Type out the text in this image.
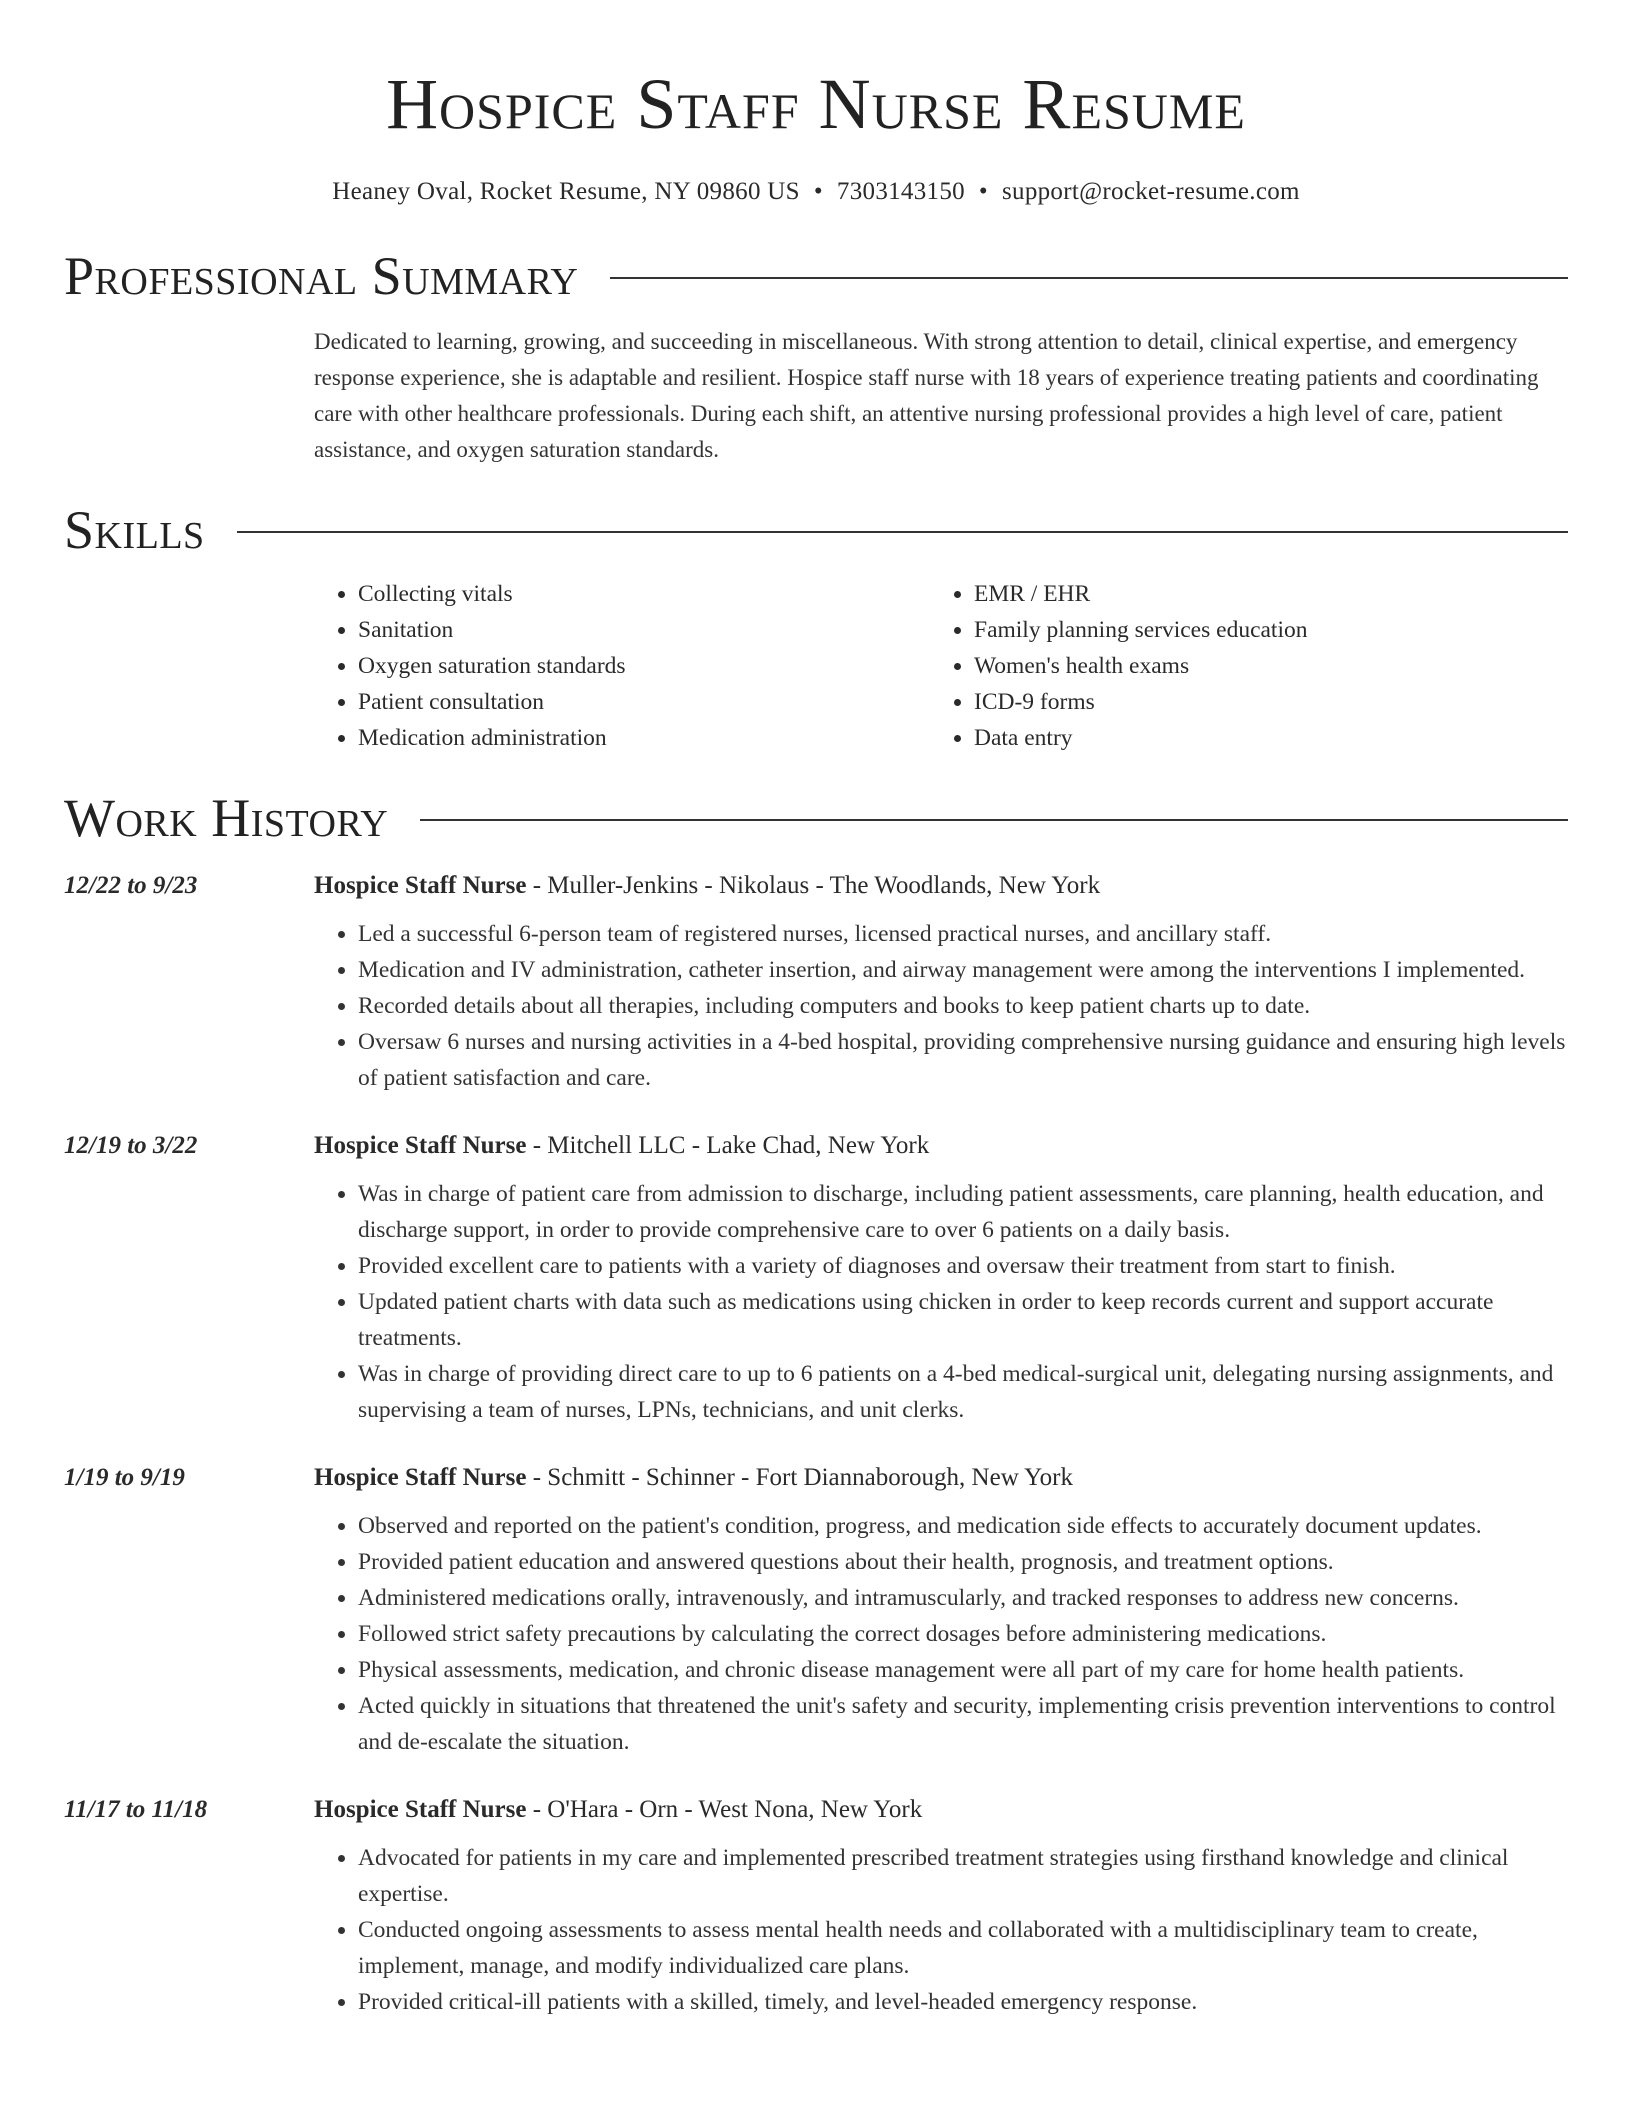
Hospice Staff Nurse Resume
Heaney Oval, Rocket Resume, NY 09860 US • 7303143150 • support@rocket-resume.com
Professional Summary

Dedicated to learning, growing, and succeeding in miscellaneous. With strong attention to detail, clinical expertise, and emergency response experience, she is adaptable and resilient. Hospice staff nurse with 18 years of experience treating patients and coordinating care with other healthcare professionals. During each shift, an attentive nursing professional provides a high level of care, patient assistance, and oxygen saturation standards.

Skills
• Collecting vitals
• Sanitation
• Oxygen saturation standards
• Patient consultation
• Medication administration
• EMR / EHR
• Family planning services education
• Women's health exams
• ICD-9 forms
• Data entry
Work History
12/22 to 9/23	Hospice Staff Nurse - Muller-Jenkins - Nikolaus - The Woodlands, New York
• Led a successful 6-person team of registered nurses, licensed practical nurses, and ancillary staff.
• Medication and IV administration, catheter insertion, and airway management were among the interventions I implemented.
• Recorded details about all therapies, including computers and books to keep patient charts up to date.
• Oversaw 6 nurses and nursing activities in a 4-bed hospital, providing comprehensive nursing guidance and ensuring high levels of patient satisfaction and care.
12/19 to 3/22	Hospice Staff Nurse - Mitchell LLC - Lake Chad, New York
• Was in charge of patient care from admission to discharge, including patient assessments, care planning, health education, and discharge support, in order to provide comprehensive care to over 6 patients on a daily basis.
• Provided excellent care to patients with a variety of diagnoses and oversaw their treatment from start to finish.
• Updated patient charts with data such as medications using chicken in order to keep records current and support accurate treatments.
• Was in charge of providing direct care to up to 6 patients on a 4-bed medical-surgical unit, delegating nursing assignments, and supervising a team of nurses, LPNs, technicians, and unit clerks.
1/19 to 9/19	Hospice Staff Nurse - Schmitt - Schinner - Fort Diannaborough, New York
• Observed and reported on the patient's condition, progress, and medication side effects to accurately document updates.
• Provided patient education and answered questions about their health, prognosis, and treatment options.
• Administered medications orally, intravenously, and intramuscularly, and tracked responses to address new concerns.
• Followed strict safety precautions by calculating the correct dosages before administering medications.
• Physical assessments, medication, and chronic disease management were all part of my care for home health patients.
• Acted quickly in situations that threatened the unit's safety and security, implementing crisis prevention interventions to control and de-escalate the situation.
11/17 to 11/18	Hospice Staff Nurse - O'Hara - Orn - West Nona, New York
• Advocated for patients in my care and implemented prescribed treatment strategies using firsthand knowledge and clinical expertise.
• Conducted ongoing assessments to assess mental health needs and collaborated with a multidisciplinary team to create, implement, manage, and modify individualized care plans.
• Provided critical-ill patients with a skilled, timely, and level-headed emergency response.
